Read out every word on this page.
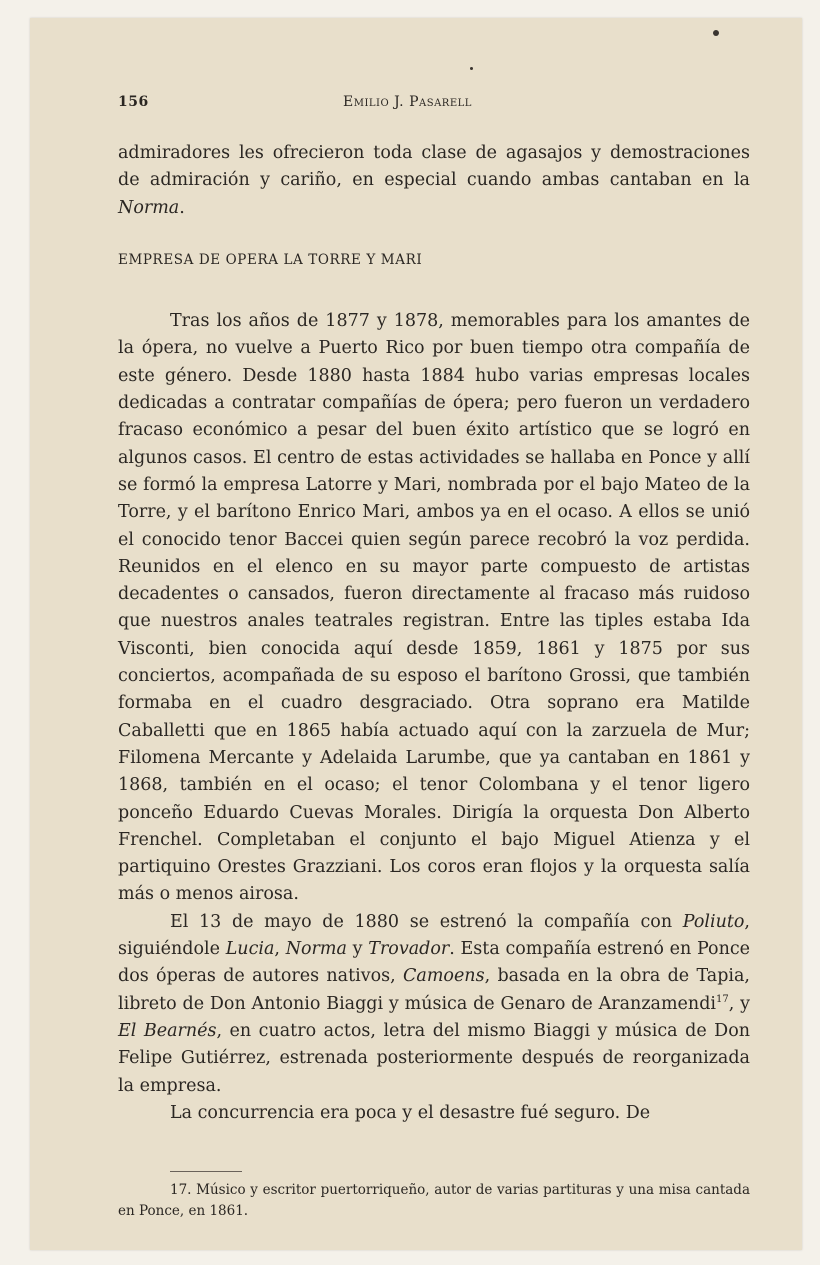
156	Emilio J. Pasarell

admiradores les ofrecieron toda clase de agasajos y demostraciones de admiración y cariño, en especial cuando ambas cantaban en la Norma.

EMPRESA DE OPERA LA TORRE Y MARI

Tras los años de 1877 y 1878, memorables para los amantes de la ópera, no vuelve a Puerto Rico por buen tiempo otra compañía de este género. Desde 1880 hasta 1884 hubo varias empresas locales dedicadas a contratar compañías de ópera; pero fueron un verdadero fracaso económico a pesar del buen éxito artístico que se logró en algunos casos. El centro de estas actividades se hallaba en Ponce y allí se formó la empresa Latorre y Mari, nombrada por el bajo Mateo de la Torre, y el barítono Enrico Mari, ambos ya en el ocaso. A ellos se unió el conocido tenor Baccei quien según parece recobró la voz perdida. Reunidos en el elenco en su mayor parte compuesto de artistas decadentes o cansados, fueron directamente al fracaso más ruidoso que nuestros anales teatrales registran. Entre las tiples estaba Ida Visconti, bien conocida aquí desde 1859, 1861 y 1875 por sus conciertos, acompañada de su esposo el barítono Grossi, que también formaba en el cuadro desgraciado. Otra soprano era Matilde Caballetti que en 1865 había actuado aquí con la zarzuela de Mur; Filomena Mercante y Adelaida Larumbe, que ya cantaban en 1861 y 1868, también en el ocaso; el tenor Colombana y el tenor ligero ponceño Eduardo Cuevas Morales. Dirigía la orquesta Don Alberto Frenchel. Completaban el conjunto el bajo Miguel Atienza y el partiquino Orestes Grazziani. Los coros eran flojos y la orquesta salía más o menos airosa.

El 13 de mayo de 1880 se estrenó la compañía con Poliuto, siguiéndole Lucia, Norma y Trovador. Esta compañía estrenó en Ponce dos óperas de autores nativos, Camoens, basada en la obra de Tapia, libreto de Don Antonio Biaggi y música de Genaro de Aranzamendi$^{17}$, y El Bearnés, en cuatro actos, letra del mismo Biaggi y música de Don Felipe Gutiérrez, estrenada posteriormente después de reorganizada la empresa.

La concurrencia era poca y el desastre fué seguro. De

17. Músico y escritor puertorriqueño, autor de varias partituras y una misa cantada en Ponce, en 1861.
